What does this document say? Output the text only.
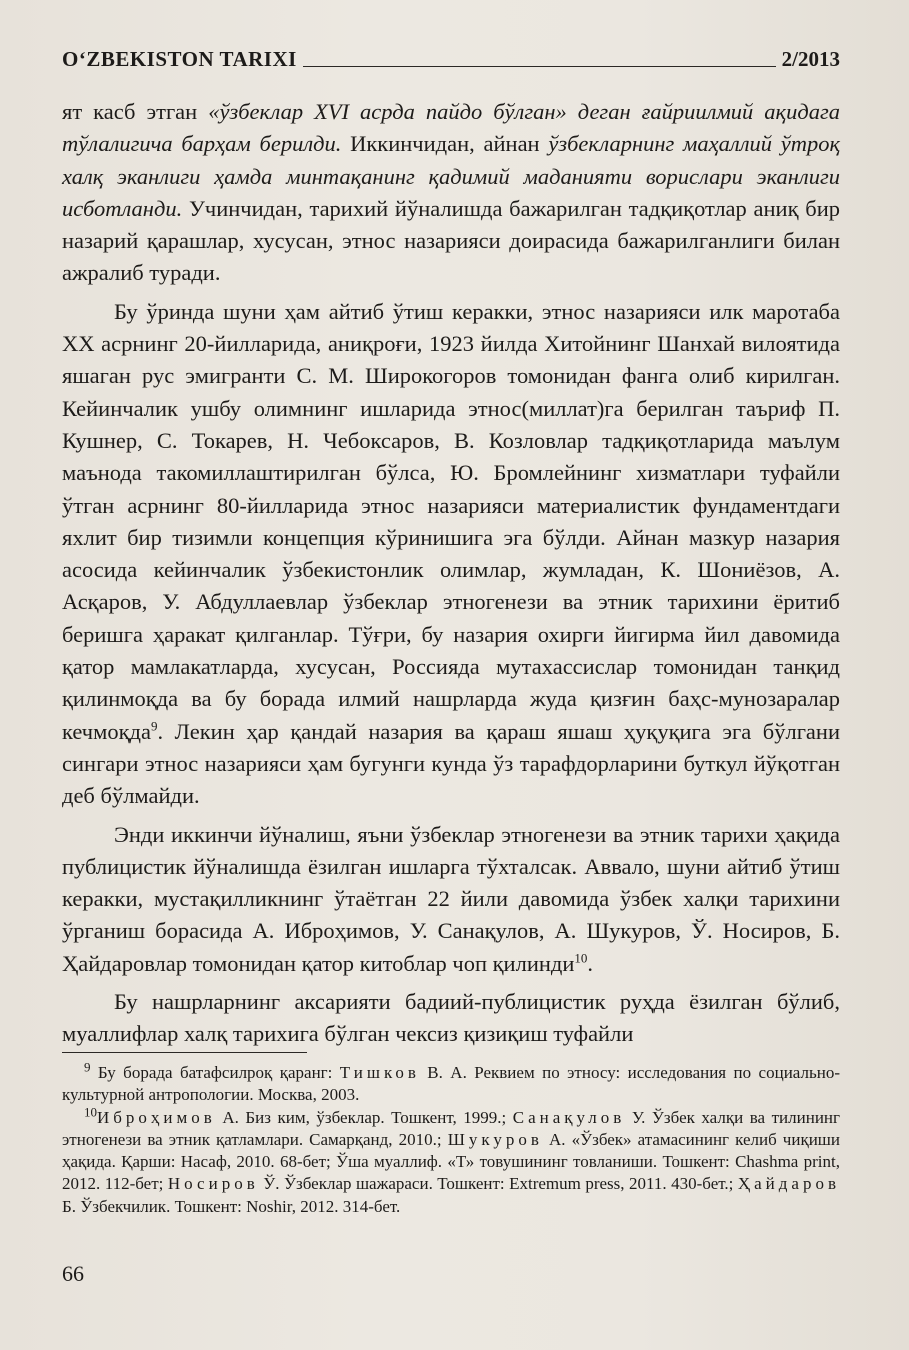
O‘ZBEKISTON TARIXI	2/2013

ят касб этган «ўзбеклар XVI асрда пайдо бўлган» деган ғайриилмий ақидага тўлалигича барҳам берилди. Иккинчидан, айнан ўзбекларнинг маҳаллий ўтроқ халқ эканлиги ҳамда минтақанинг қадимий маданияти ворислари эканлиги исботланди. Учинчидан, тарихий йўналишда бажарилган тадқиқотлар аниқ бир назарий қарашлар, хусусан, этнос назарияси доирасида бажарилганлиги билан ажралиб туради.

Бу ўринда шуни ҳам айтиб ўтиш керакки, этнос назарияси илк маротаба XX асрнинг 20-йилларида, аниқроғи, 1923 йилда Хитойнинг Шанхай вилоятида яшаган рус эмигранти С. М. Широкогоров томонидан фанга олиб кирилган. Кейинчалик ушбу олимнинг ишларида этнос(миллат)га берилган таъриф П. Кушнер, С. Токарев, Н. Чебоксаров, В. Козловлар тадқиқотларида маълум маънода такомиллаштирилган бўлса, Ю. Бромлейнинг хизматлари туфайли ўтган асрнинг 80-йилларида этнос назарияси материалистик фундаментдаги яхлит бир тизимли концепция кўринишига эга бўлди. Айнан мазкур назария асосида кейинчалик ўзбекистонлик олимлар, жумладан, К. Шониёзов, А. Асқаров, У. Абдуллаевлар ўзбеклар этногенези ва этник тарихини ёритиб беришга ҳаракат қилганлар. Тўғри, бу назария охирги йигирма йил давомида қатор мамлакатларда, хусусан, Россияда мутахассислар томонидан танқид қилинмоқда ва бу борада илмий нашрларда жуда қизғин баҳс-мунозаралар кечмоқда$^9$. Лекин ҳар қандай назария ва қараш яшаш ҳуқуқига эга бўлгани сингари этнос назарияси ҳам бугунги кунда ўз тарафдорларини буткул йўқотган деб бўлмайди.

Энди иккинчи йўналиш, яъни ўзбеклар этногенези ва этник тарихи ҳақида публицистик йўналишда ёзилган ишларга тўхталсак. Аввало, шуни айтиб ўтиш керакки, мустақилликнинг ўтаётган 22 йили давомида ўзбек халқи тарихини ўрганиш борасида А. Иброҳимов, У. Санақулов, А. Шукуров, Ў. Носиров, Б. Ҳайдаровлар томонидан қатор китоблар чоп қилинди$^{10}$.

Бу нашрларнинг аксарияти бадиий-публицистик руҳда ёзилган бўлиб, муаллифлар халқ тарихига бўлган чексиз қизиқиш туфайли

$^9$ Бу борада батафсилроқ қаранг: Тишков В. А. Реквием по этносу: исследования по социально-культурной антропологии. Москва, 2003.

$^{10}$Иброҳимов А. Биз ким, ўзбеклар. Тошкент, 1999.; Санақулов У. Ўзбек халқи ва тилининг этногенези ва этник қатламлари. Самарқанд, 2010.; Шукуров А. «Ўзбек» атамасининг келиб чиқиши ҳақида. Қарши: Насаф, 2010. 68-бет; Ўша муаллиф. «Т» товушининг товланиши. Тошкент: Chashma print, 2012. 112-бет; Носиров Ў. Ўзбеклар шажараси. Тошкент: Extremum press, 2011. 430-бет.; Ҳайдаров Б. Ўзбекчилик. Тошкент: Noshir, 2012. 314-бет.

66
